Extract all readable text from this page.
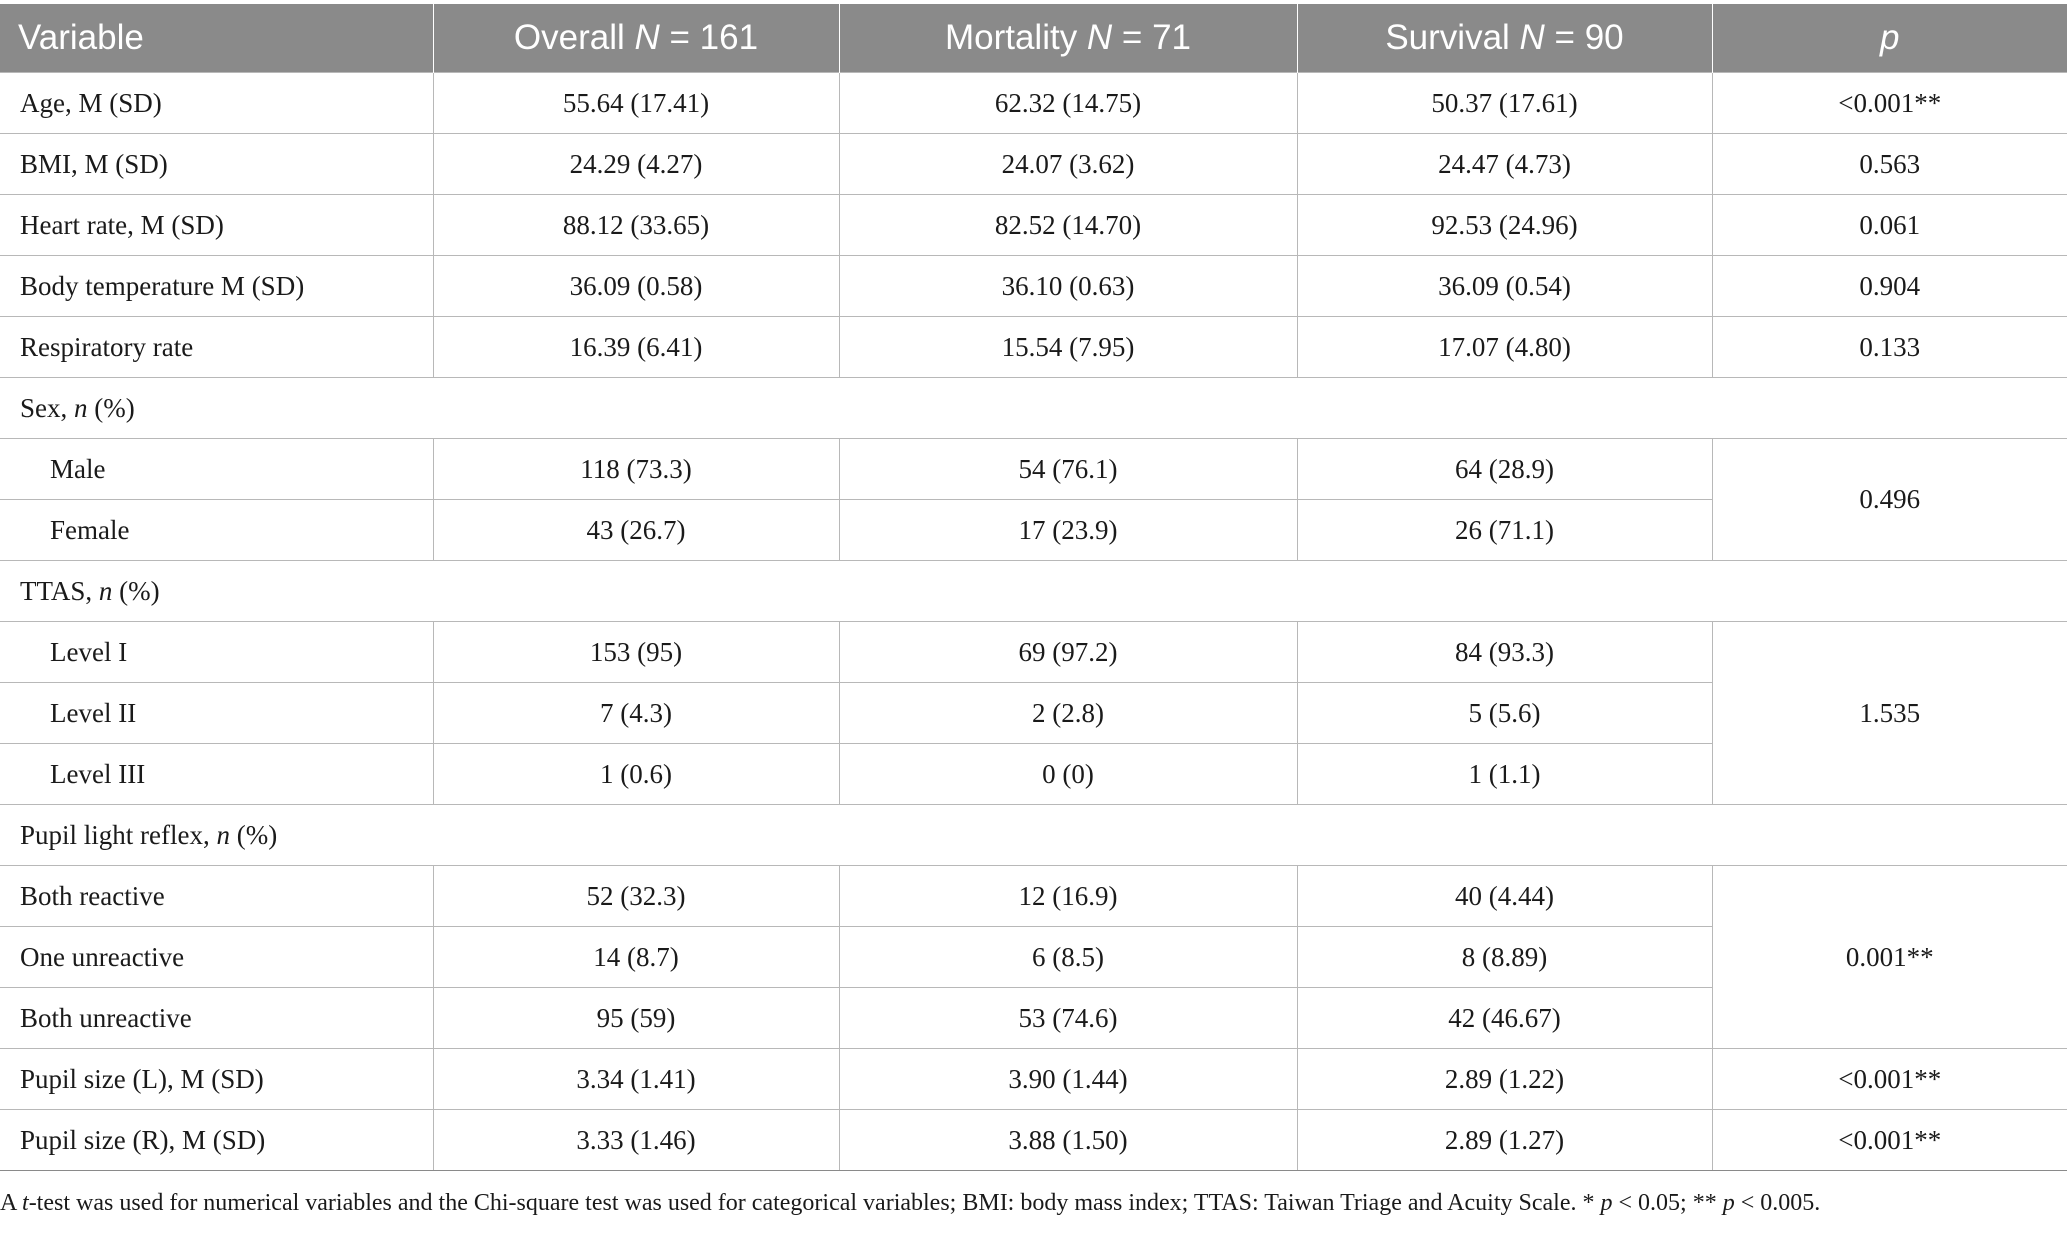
Variable	Overall N = 161	Mortality N = 71	Survival N = 90	p
Age, M (SD)	55.64 (17.41)	62.32 (14.75)	50.37 (17.61)	<0.001**
BMI, M (SD)	24.29 (4.27)	24.07 (3.62)	24.47 (4.73)	0.563
Heart rate, M (SD)	88.12 (33.65)	82.52 (14.70)	92.53 (24.96)	0.061
Body temperature M (SD)	36.09 (0.58)	36.10 (0.63)	36.09 (0.54)	0.904
Respiratory rate	16.39 (6.41)	15.54 (7.95)	17.07 (4.80)	0.133
Sex, n (%)				
Male	118 (73.3)	54 (76.1)	64 (28.9)	0.496
Female	43 (26.7)	17 (23.9)	26 (71.1)	
TTAS, n (%)				
Level I	153 (95)	69 (97.2)	84 (93.3)	1.535
Level II	7 (4.3)	2 (2.8)	5 (5.6)	
Level III	1 (0.6)	0 (0)	1 (1.1)	
Pupil light reflex, n (%)				
Both reactive	52 (32.3)	12 (16.9)	40 (4.44)	0.001**
One unreactive	14 (8.7)	6 (8.5)	8 (8.89)	
Both unreactive	95 (59)	53 (74.6)	42 (46.67)	
Pupil size (L), M (SD)	3.34 (1.41)	3.90 (1.44)	2.89 (1.22)	<0.001**
Pupil size (R), M (SD)	3.33 (1.46)	3.88 (1.50)	2.89 (1.27)	<0.001**
A t-test was used for numerical variables and the Chi-square test was used for categorical variables; BMI: body mass index; TTAS: Taiwan Triage and Acuity Scale. * p < 0.05; ** p < 0.005.
